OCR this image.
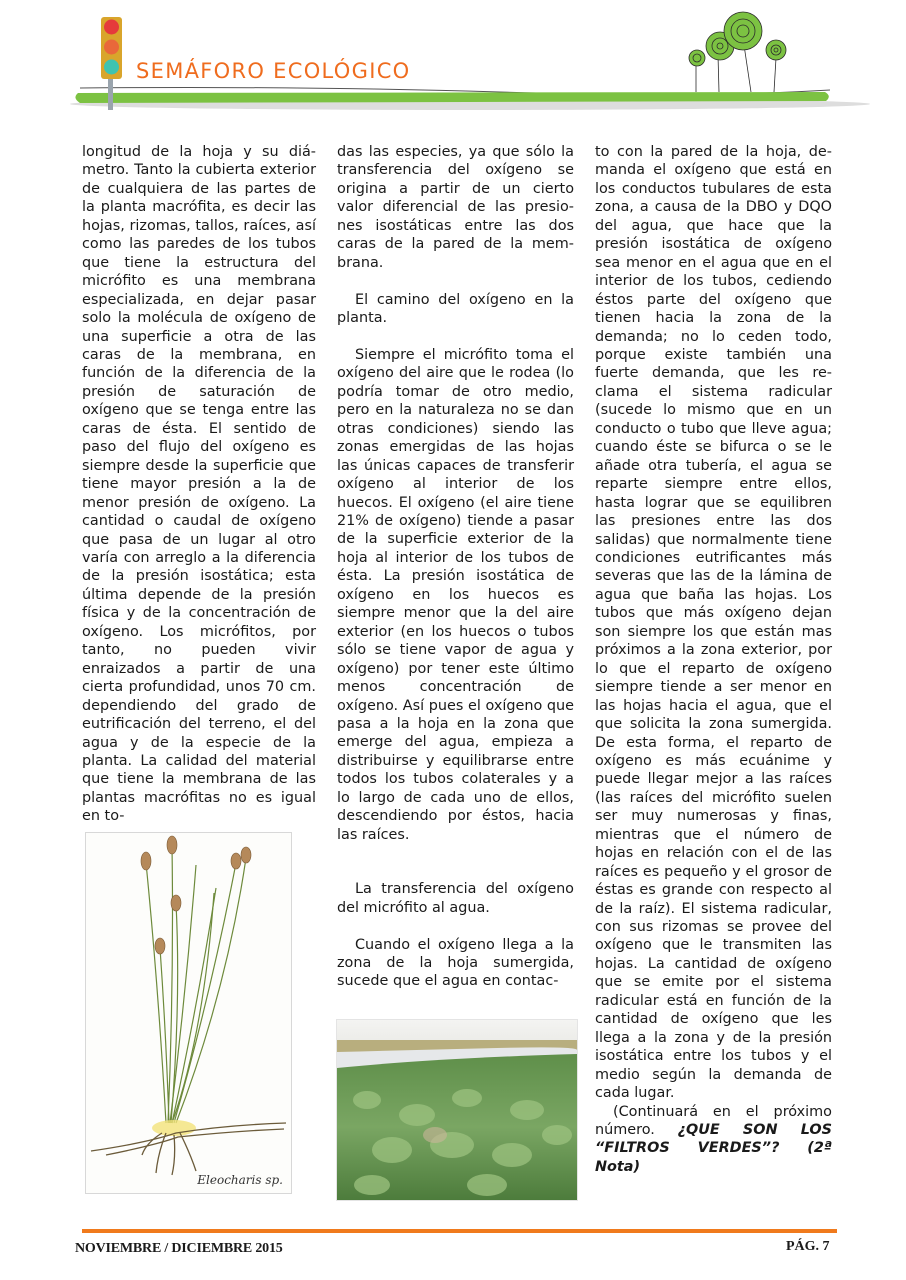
SEMÁFORO ECOLÓGICO

longitud de la hoja y su diámetro. Tanto la cubierta exterior de cualquiera de las partes de la planta macrófita, es decir las hojas, rizomas, tallos, raíces, así como las paredes de los tubos que tiene la estructura del micrófito es una membrana especializada, en dejar pasar solo la molécula de oxígeno de una superficie a otra de las caras de la membrana, en función de la diferencia de la presión de saturación de oxígeno que se tenga entre las caras de ésta. El sentido de paso del flujo del oxígeno es siempre desde la superficie que tiene mayor presión a la de menor presión de oxígeno. La cantidad o caudal de oxígeno que pasa de un lugar al otro varía con arreglo a la diferencia de la presión isostática; esta última depende de la presión física y de la concentración de oxígeno. Los micrófitos, por tanto, no pueden vivir enraizados a partir de una cierta profundidad, unos 70 cm. dependiendo del grado de eutrificación del terreno, el del agua y de la especie de la planta. La calidad del material que tiene la membrana de las plantas macrófitas no es igual en to-

das las especies, ya que sólo la transferencia del oxígeno se origina a partir de un cierto valor diferencial de las presiones isostáticas entre las dos caras de la pared de la membrana.

El camino del oxígeno en la planta.

Siempre el micrófito toma el oxígeno del aire que le rodea (lo podría tomar de otro medio, pero en la naturaleza no se dan otras condiciones) siendo las zonas emergidas de las hojas las únicas capaces de transferir oxígeno al interior de los huecos. El oxígeno (el aire tiene 21% de oxígeno) tiende a pasar de la superficie exterior de la hoja al interior de los tubos de ésta. La presión isostática de oxígeno en los huecos es siempre menor que la del aire exterior (en los huecos o tubos sólo se tiene vapor de agua y oxígeno) por tener este último menos concentración de oxígeno. Así pues el oxígeno que pasa a la hoja en la zona que emerge del agua, empieza a distribuirse y equilibrarse entre todos los tubos colaterales y a lo largo de cada uno de ellos, descendiendo por éstos, hacia las raíces.

La transferencia del oxígeno del micrófito al agua.

Cuando el oxígeno llega a la zona de la hoja sumergida, sucede que el agua en contac-

to con la pared de la hoja, demanda el oxígeno que está en los conductos tubulares de esta zona, a causa de la DBO y DQO del agua, que hace que la presión isostática de oxígeno sea menor en el agua que en el interior de los tubos, cediendo éstos parte del oxígeno que tienen hacia la zona de la demanda; no lo ceden todo, porque existe también una fuerte demanda, que les reclama el sistema radicular (sucede lo mismo que en un conducto o tubo que lleve agua; cuando éste se bifurca o se le añade otra tubería, el agua se reparte siempre entre ellos, hasta lograr que se equilibren las presiones entre las dos salidas) que normalmente tiene condiciones eutrificantes más severas que las de la lámina de agua que baña las hojas. Los tubos que más oxígeno dejan son siempre los que están mas próximos a la zona exterior, por lo que el reparto de oxígeno siempre tiende a ser menor en las hojas hacia el agua, que el que solicita la zona sumergida. De esta forma, el reparto de oxígeno es más ecuánime y puede llegar mejor a las raíces (las raíces del micrófito suelen ser muy numerosas y finas, mientras que el número de hojas en relación con el de las raíces es pequeño y el grosor de éstas es grande con respecto al de la raíz). El sistema radicular, con sus rizomas se provee del oxígeno que le transmiten las hojas. La cantidad de oxígeno que se emite por el sistema radicular está en función de la cantidad de oxígeno que les llega a la zona y de la presión isostática entre los tubos y el medio según la demanda de cada lugar.

(Continuará en el próximo número. ¿QUE SON LOS “FILTROS VERDES”? (2ª Nota)

Eleocharis sp.
NOVIEMBRE / DICIEMBRE 2015	PÁG. 7
